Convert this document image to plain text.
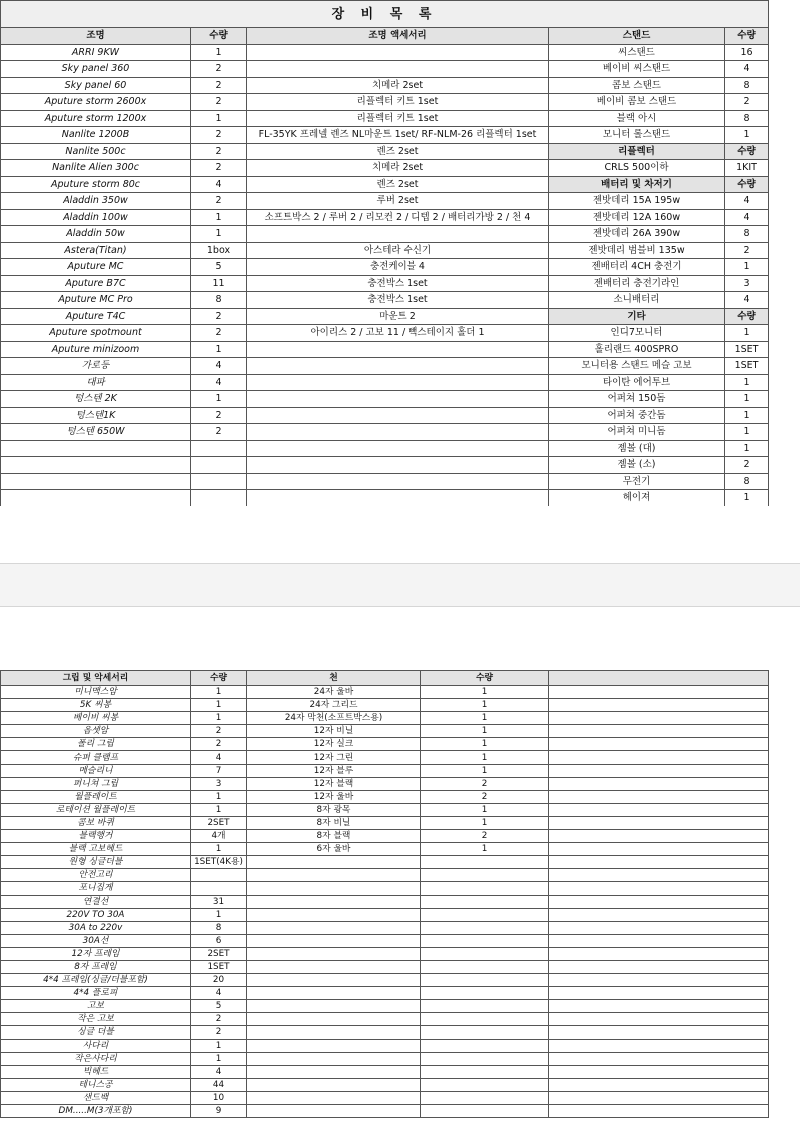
장 비 목 록				
조명	수량	조명 액세서리	스탠드	수량
ARRI 9KW	1		씨스탠드	16
Sky panel 360	2		베이비 씨스탠드	4
Sky panel 60	2	치메라 2set	콤보 스탠드	8
Aputure storm 2600x	2	리플렉터 키트 1set	베이비 콤보 스탠드	2
Aputure storm 1200x	1	리플렉터 키트 1set	블랙 아시	8
Nanlite 1200B	2	FL-35YK 프레넬 렌즈 NL마운트 1set/ RF-NLM-26 리플렉터 1set	모니터 롤스탠드	1
Nanlite 500c	2	렌즈 2set	리플렉터	수량
Nanlite Alien 300c	2	치메라 2set	CRLS 500이하	1KIT
Aputure storm 80c	4	렌즈 2set	배터리 및 차저기	수량
Aladdin 350w	2	루버 2set	젠밧데리 15A 195w	4
Aladdin 100w	1	소프트박스 2 / 루버 2 / 리모컨 2 / 디텝 2 / 배터리가방 2 / 천 4	젠밧데리 12A 160w	4
Aladdin 50w	1		젠밧데리 26A 390w	8
Astera(Titan)	1box	아스테라 수신기	젠밧데리 범블비 135w	2
Aputure MC	5	충전케이블 4	젠배터리 4CH 충전기	1
Aputure B7C	11	충전박스 1set	젠배터리 충전기라인	3
Aputure MC Pro	8	충전박스 1set	소니배터리	4
Aputure T4C	2	마운트 2	기타	수량
Aputure spotmount	2	아이리스 2 / 고보 11 / 빽스테이지 홀더 1	인디7모니터	1
Aputure minizoom	1		홀리랜드 400SPRO	1SET
가로등	4		모니터용 스탠드 메슬 고보	1SET
대파	4		타이탄 에어투브	1
텅스텐 2K	1		어퍼쳐 150돔	1
텅스텐1K	2		어퍼쳐 중간돔	1
텅스텐 650W	2		어퍼쳐 미니돔	1
			젬볼 (대)	1
			젬볼 (소)	2
			무전기	8
			헤이져	1
그립 및 악세서리	수량	천	수량	
미니맥스암	1	24자 울바	1	
5K 씨봉	1	24자 그리드	1	
베이비 씨봉	1	24자 막천(소프트박스용)	1	
옵셋암	2	12자 비닐	1	
폴리 그립	2	12자 실크	1	
슈퍼 클램프	4	12자 그린	1	
메슬리니	7	12자 블루	1	
퍼니쳐 그립	3	12자 블랙	2	
월플레이트	1	12자 울바	2	
로테이션 월플레이트	1	8자 광목	1	
콤보 바퀴	2SET	8자 비닐	1	
블랙행거	4개	8자 블랙	2	
블랙 고보헤드	1	6자 울바	1	
원형 싱글더블	1SET(4K용)			
안전고리				
포니집게				
연결선	31			
220V TO 30A	1			
30A to 220v	8			
30A선	6			
12자 프레임	2SET			
8자 프레임	1SET			
4*4 프레임(싱글/더블포함)	20			
4*4 플로피	4			
고보	5			
작은 고보	2			
싱글 더블	2			
사다리	1			
작은사다리	1			
빅헤드	4			
테니스공	44			
샌드백	10			
DM.....M(3개포함)	9			
